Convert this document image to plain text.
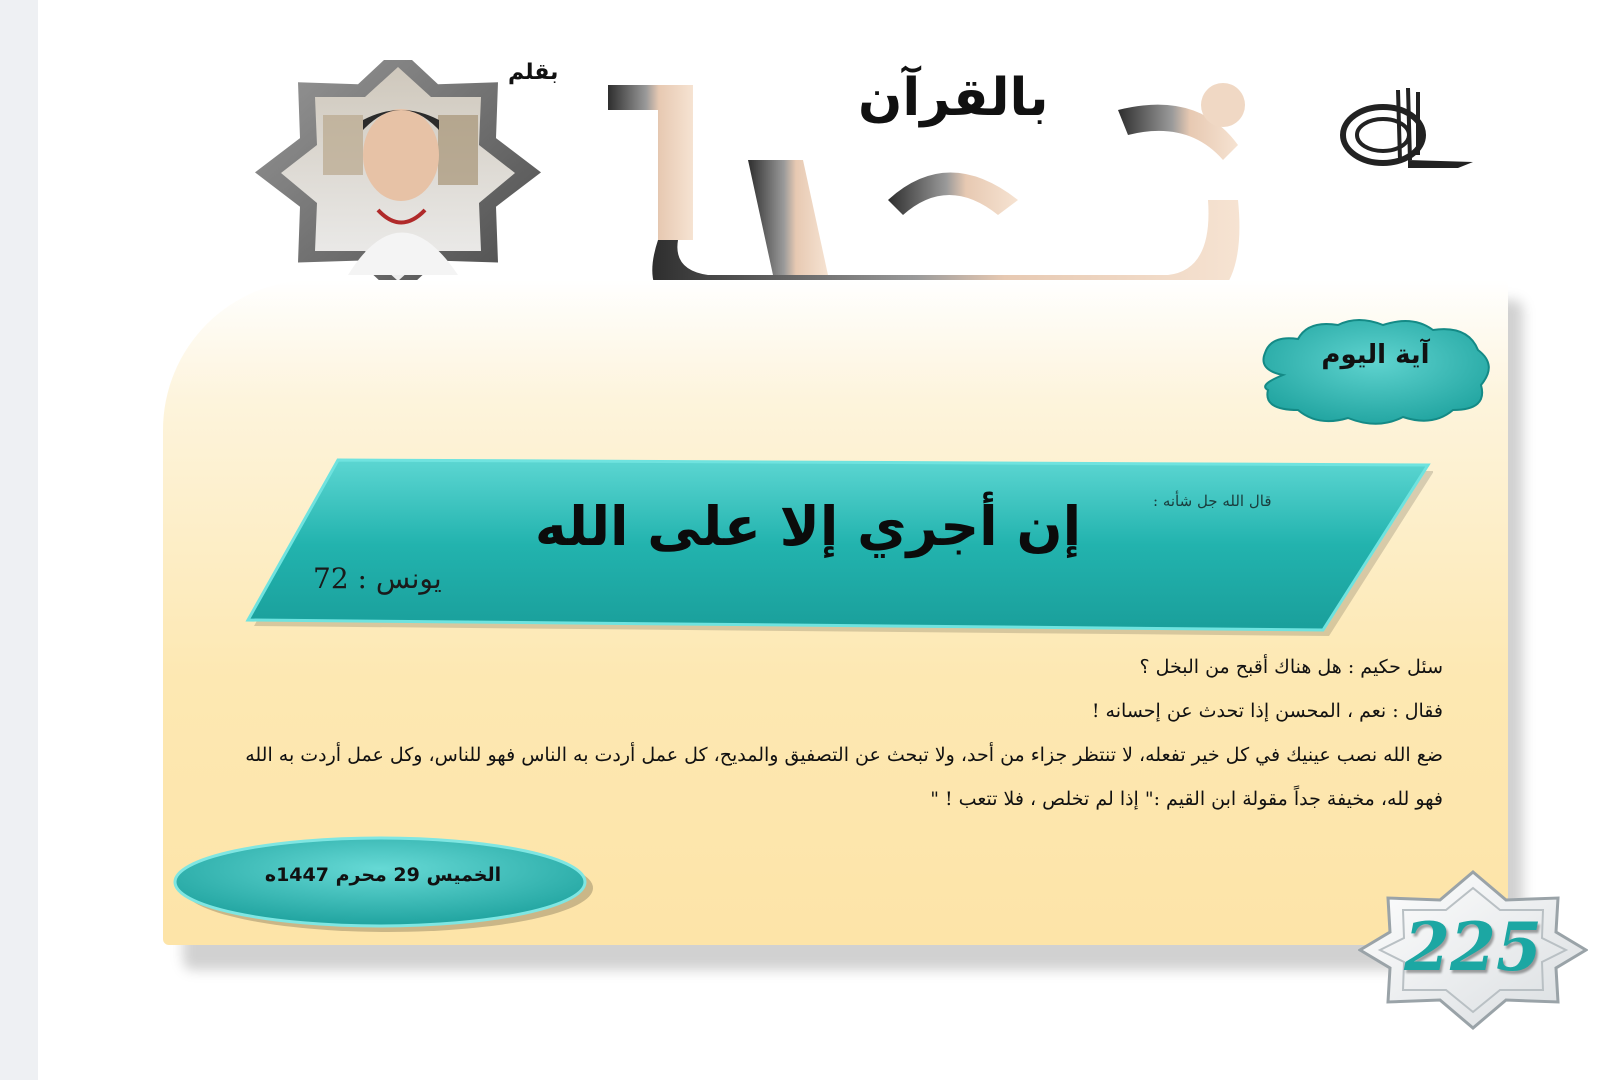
بقلم	بالقرآن
آية اليوم
قال الله جل شأنه :
إن أجري إلا على الله
يونس : 72

سئل حكيم : هل هناك أقبح من البخل ؟

فقال : نعم ، المحسن إذا تحدث عن إحسانه !

ضع الله نصب عينيك في كل خير تفعله، لا تنتظر جزاء من أحد، ولا تبحث عن التصفيق والمديح، كل عمل أردت به الناس فهو للناس، وكل عمل أردت به الله فهو لله، مخيفة جداً مقولة ابن القيم :" إذا لم تخلص ، فلا تتعب ! "

الخميس 29 محرم 1447ه
225
